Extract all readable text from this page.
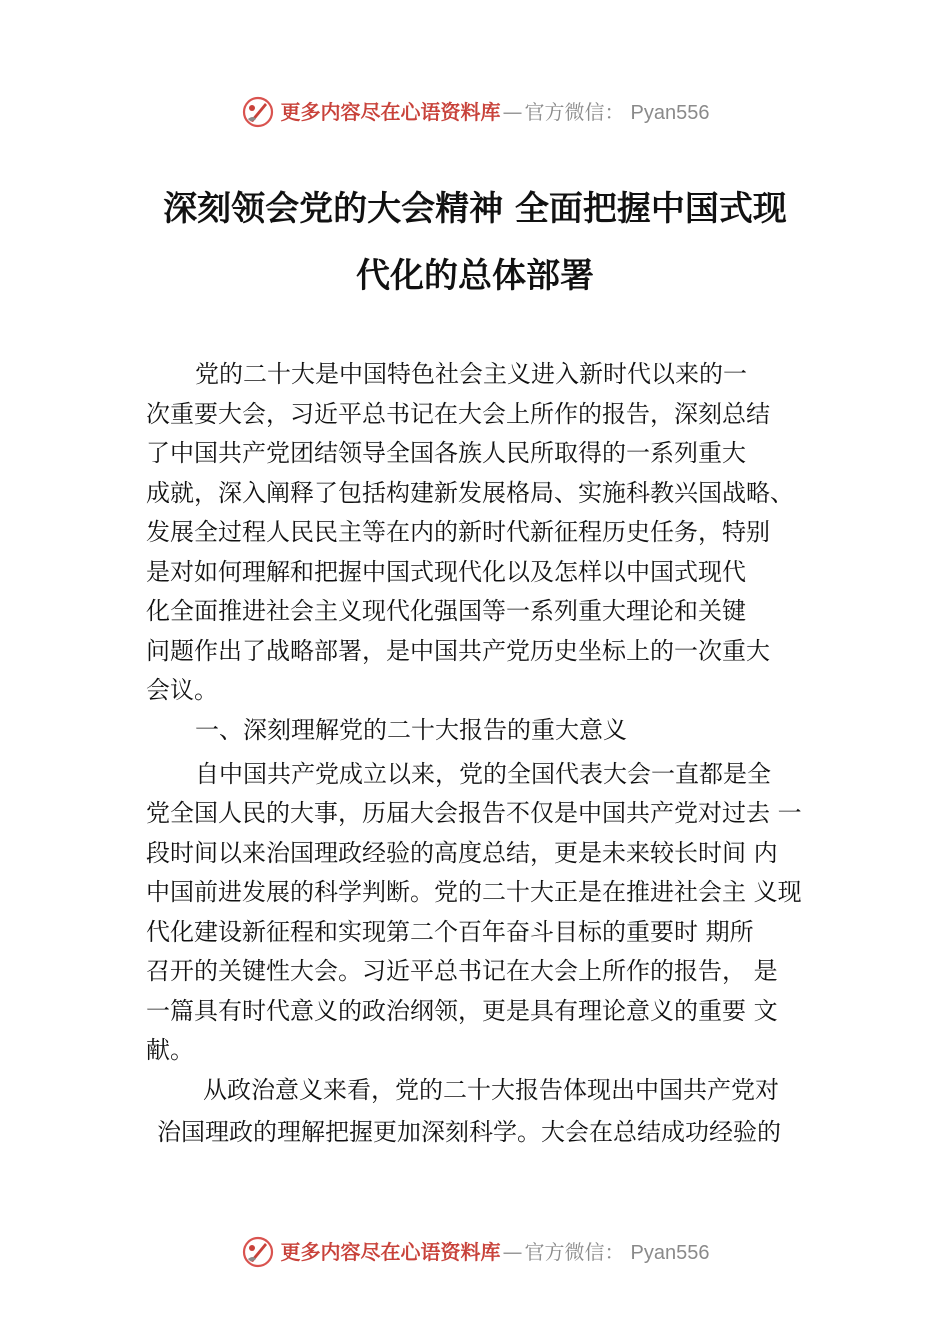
更多内容尽在心语资料库 — 官方微信： Pyan556
深刻领会党的大会精神 全面把握中国式现
代化的总体部署
党的二十大是中国特色社会主义进入新时代以来的一
次重要大会，习近平总书记在大会上所作的报告，深刻总结
了中国共产党团结领导全国各族人民所取得的一系列重大
成就，深入阐释了包括构建新发展格局、实施科教兴国战略、
发展全过程人民民主等在内的新时代新征程历史任务，特别
是对如何理解和把握中国式现代化以及怎样以中国式现代
化全面推进社会主义现代化强国等一系列重大理论和关键
问题作出了战略部署，是中国共产党历史坐标上的一次重大
会议。
一、深刻理解党的二十大报告的重大意义
自中国共产党成立以来，党的全国代表大会一直都是全
党全国人民的大事，历届大会报告不仅是中国共产党对过去 一
段时间以来治国理政经验的高度总结，更是未来较长时间 内
中国前进发展的科学判断。党的二十大正是在推进社会主 义现
代化建设新征程和实现第二个百年奋斗目标的重要时 期所
召开的关键性大会。习近平总书记在大会上所作的报告， 是
一篇具有时代意义的政治纲领，更是具有理论意义的重要 文
献。
从政治意义来看，党的二十大报告体现出中国共产党对
治国理政的理解把握更加深刻科学。大会在总结成功经验的
更多内容尽在心语资料库 — 官方微信： Pyan556
